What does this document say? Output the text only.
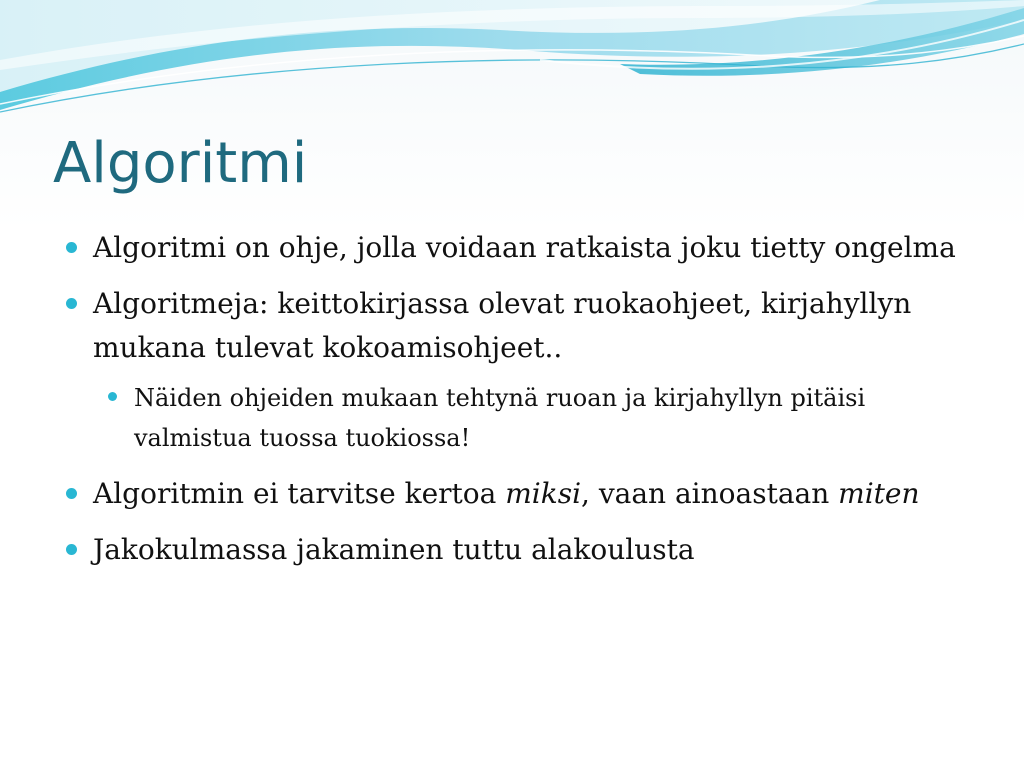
Algoritmi
Algoritmi on ohje, jolla voidaan ratkaista joku tietty ongelma
Algoritmeja: keittokirjassa olevat ruokaohjeet, kirjahyllyn mukana tulevat kokoamisohjeet..
Näiden ohjeiden mukaan tehtynä ruoan ja kirjahyllyn pitäisi valmistua tuossa tuokiossa!
Algoritmin ei tarvitse kertoa miksi, vaan ainoastaan miten
Jakokulmassa jakaminen tuttu alakoulusta
